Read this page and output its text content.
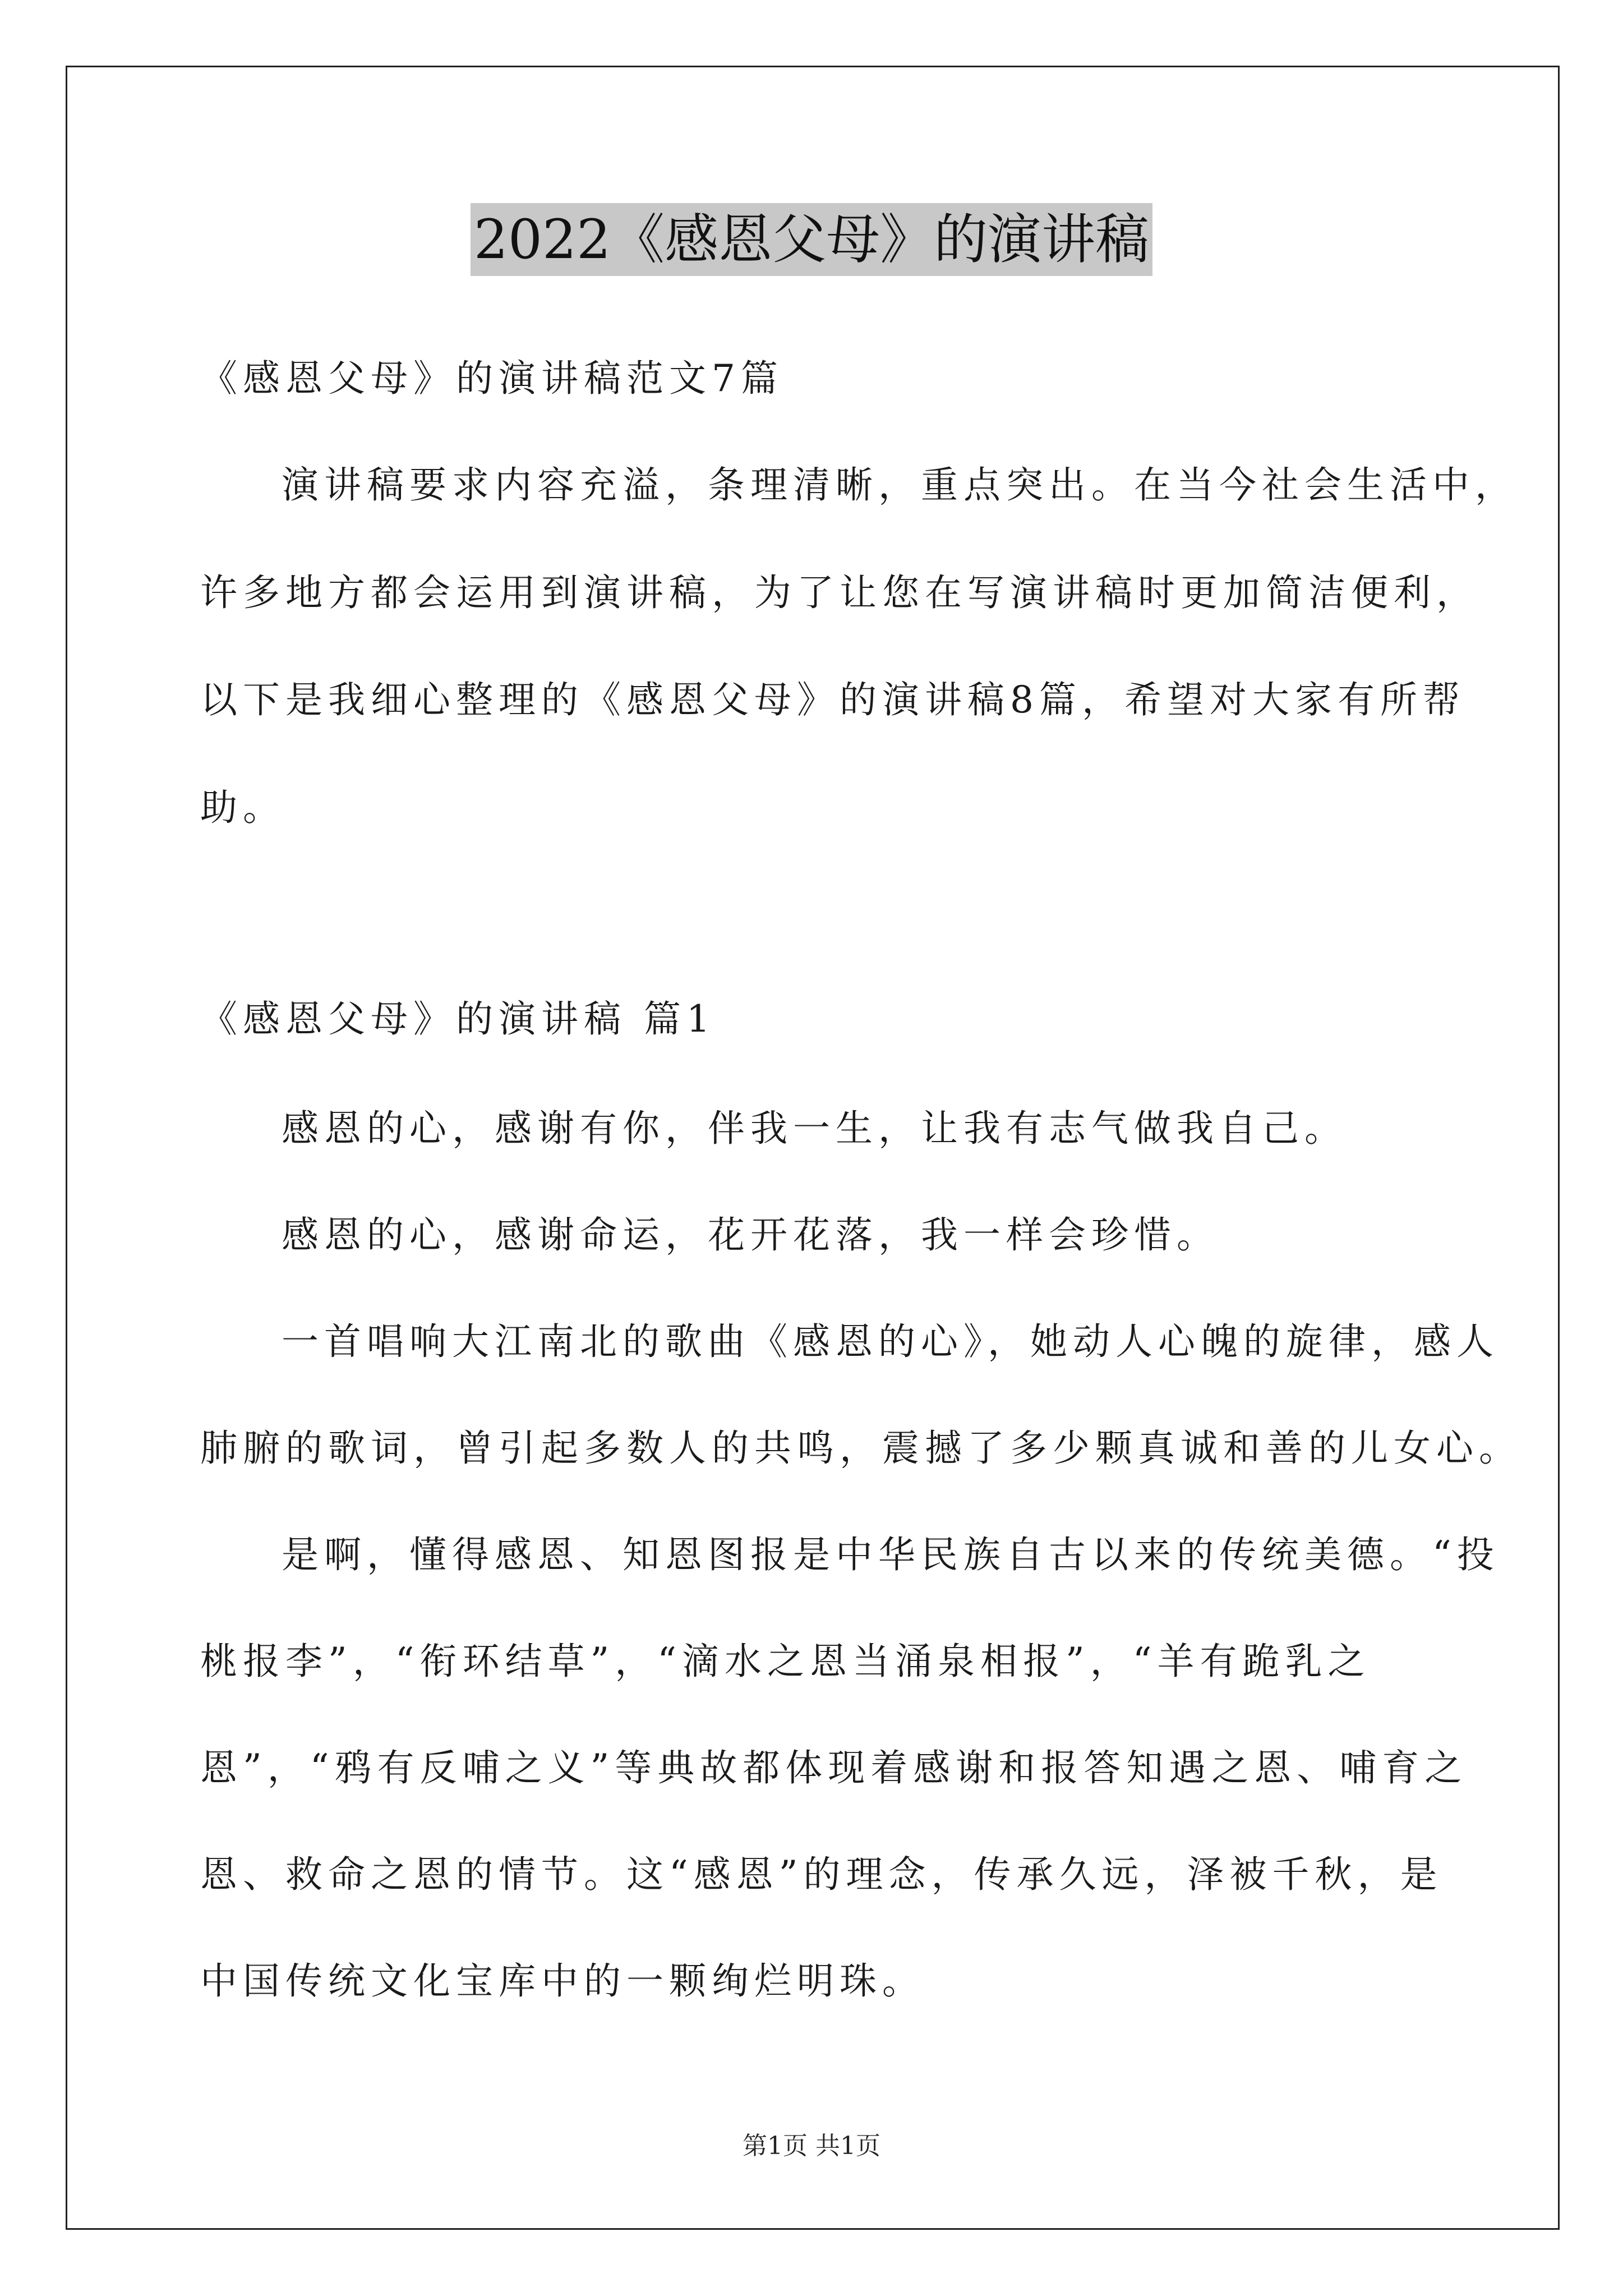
2022《感恩父母》的演讲稿
《感恩父母》的演讲稿范文7篇
演讲稿要求内容充溢，条理清晰，重点突出。在当今社会生活中，
许多地方都会运用到演讲稿，为了让您在写演讲稿时更加简洁便利，
以下是我细心整理的《感恩父母》的演讲稿8篇，希望对大家有所帮
助。
《感恩父母》的演讲稿 篇1
感恩的心，感谢有你，伴我一生，让我有志气做我自己。
感恩的心，感谢命运，花开花落，我一样会珍惜。
一首唱响大江南北的歌曲《感恩的心》，她动人心魄的旋律，感人
肺腑的歌词，曾引起多数人的共鸣，震撼了多少颗真诚和善的儿女心。
是啊，懂得感恩、知恩图报是中华民族自古以来的传统美德。“投
桃报李”，“衔环结草”，“滴水之恩当涌泉相报”，“羊有跪乳之
恩”，“鸦有反哺之义”等典故都体现着感谢和报答知遇之恩、哺育之
恩、救命之恩的情节。这“感恩”的理念，传承久远，泽被千秋，是
中国传统文化宝库中的一颗绚烂明珠。
第1页 共1页
